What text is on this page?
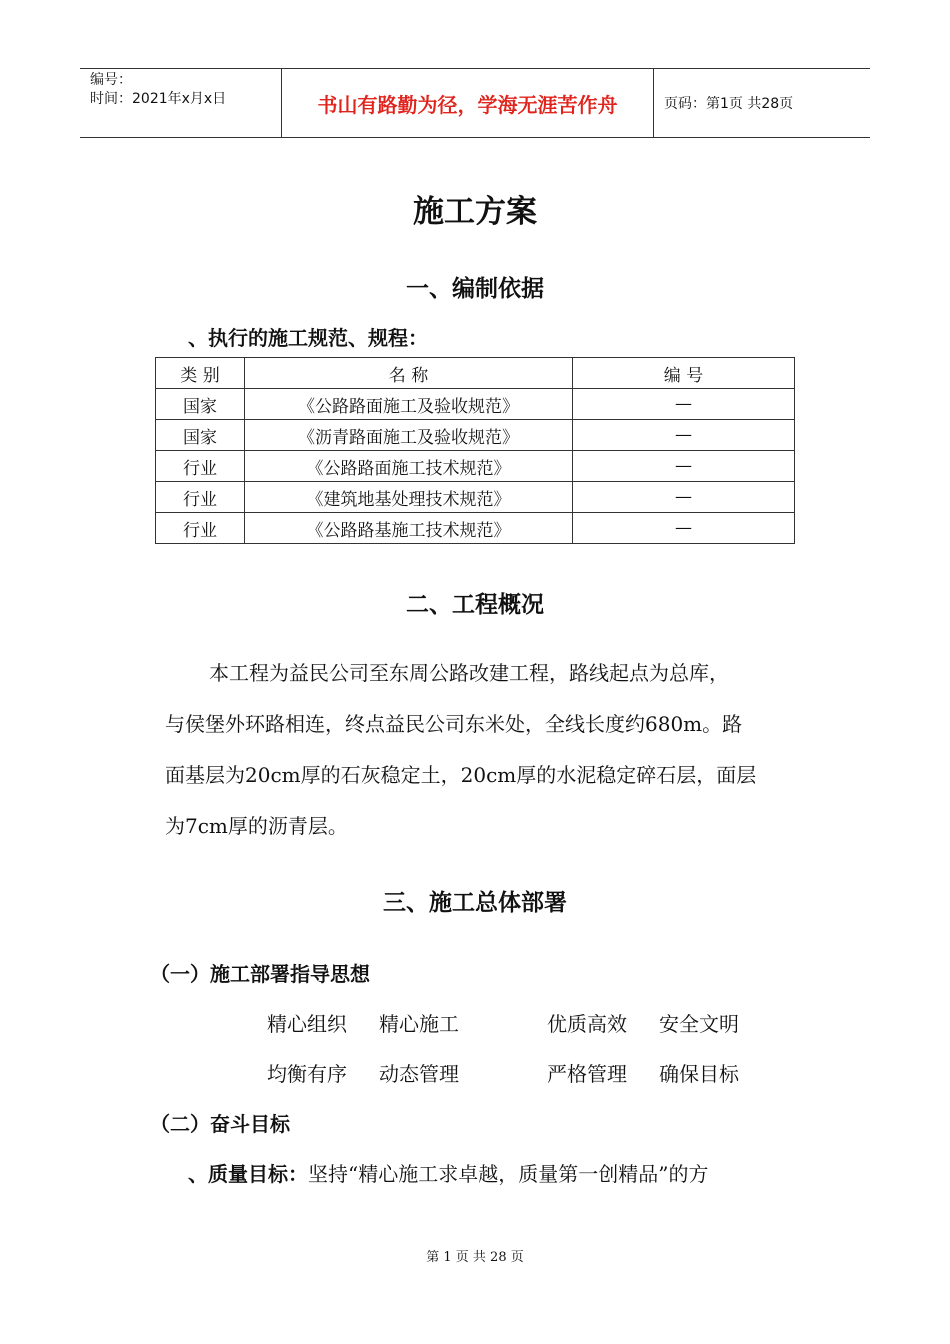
编号：
时间：2021年x月x日	书山有路勤为径，学海无涯苦作舟	页码：第1页 共28页
施工方案
一、编制依据
、执行的施工规范、规程：
类 别	名 称	编 号
国家	《公路路面施工及验收规范》	—
国家	《沥青路面施工及验收规范》	—
行业	《公路路面施工技术规范》	—
行业	《建筑地基处理技术规范》	—
行业	《公路路基施工技术规范》	—
二、工程概况
本工程为益民公司至东周公路改建工程，路线起点为总库，
与侯堡外环路相连，终点益民公司东米处，全线长度约680m。路
面基层为20cm厚的石灰稳定土，20cm厚的水泥稳定碎石层，面层
为7cm厚的沥青层。
三、施工总体部署
（一）施工部署指导思想
精心组织 精心施工	优质高效 安全文明
均衡有序 动态管理	严格管理 确保目标
（二）奋斗目标
、质量目标：坚持“精心施工求卓越，质量第一创精品”的方
第 1 页 共 28 页
